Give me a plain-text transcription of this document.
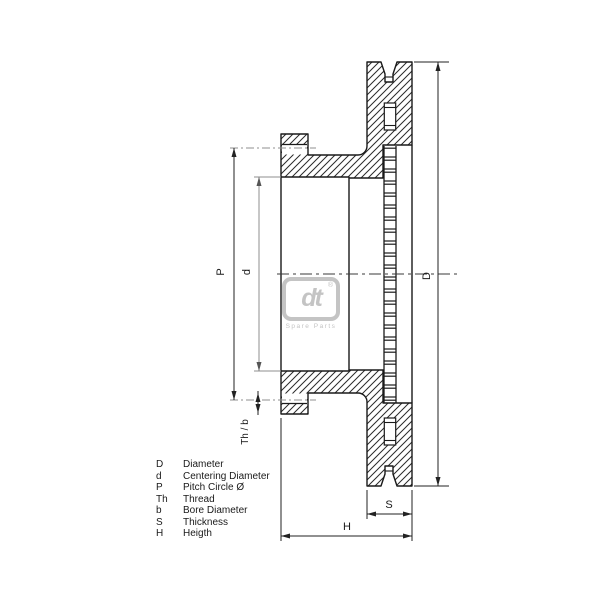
P d
D
Th / b
S
H
dt ®
Spare Parts
D	Diameter
d	Centering Diameter
P	Pitch Circle Ø
Th	Thread
b	Bore Diameter
S	Thickness
H	Heigth
